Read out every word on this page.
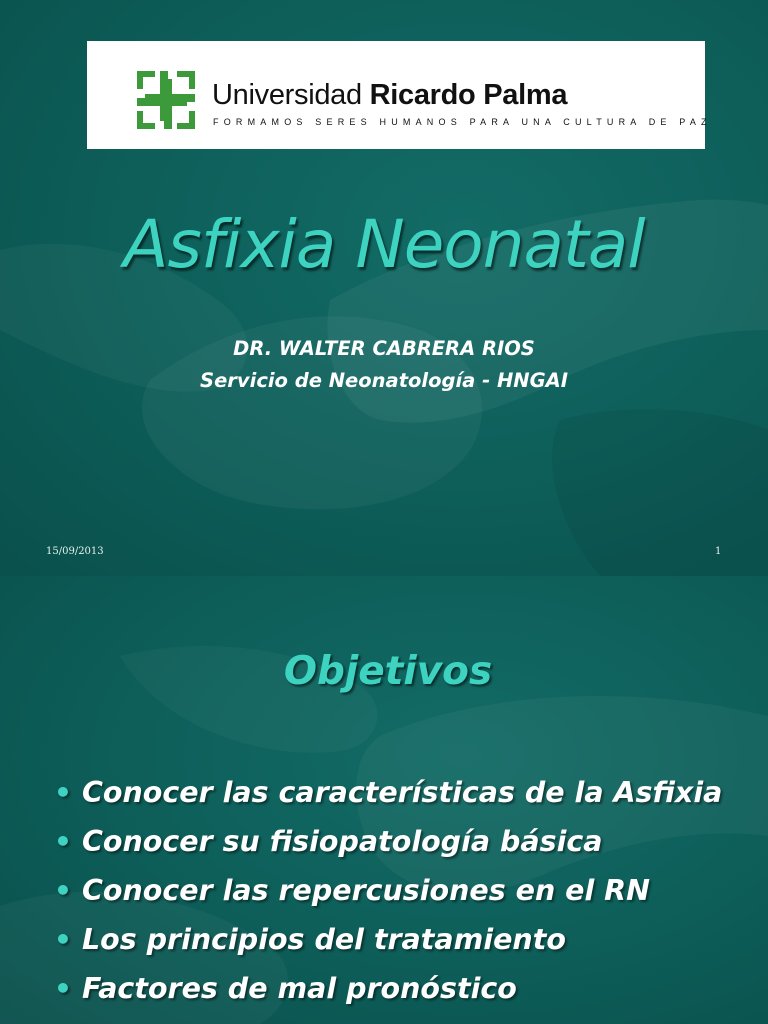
Universidad Ricardo Palma
FORMAMOS SERES HUMANOS PARA UNA CULTURA DE PAZ
Asfixia Neonatal
DR. WALTER CABRERA RIOS
Servicio de Neonatología - HNGAI
15/09/2013	1
Objetivos
• Conocer las características de la Asfixia
• Conocer su fisiopatología básica
• Conocer las repercusiones en el RN
• Los principios del tratamiento
• Factores de mal pronóstico
